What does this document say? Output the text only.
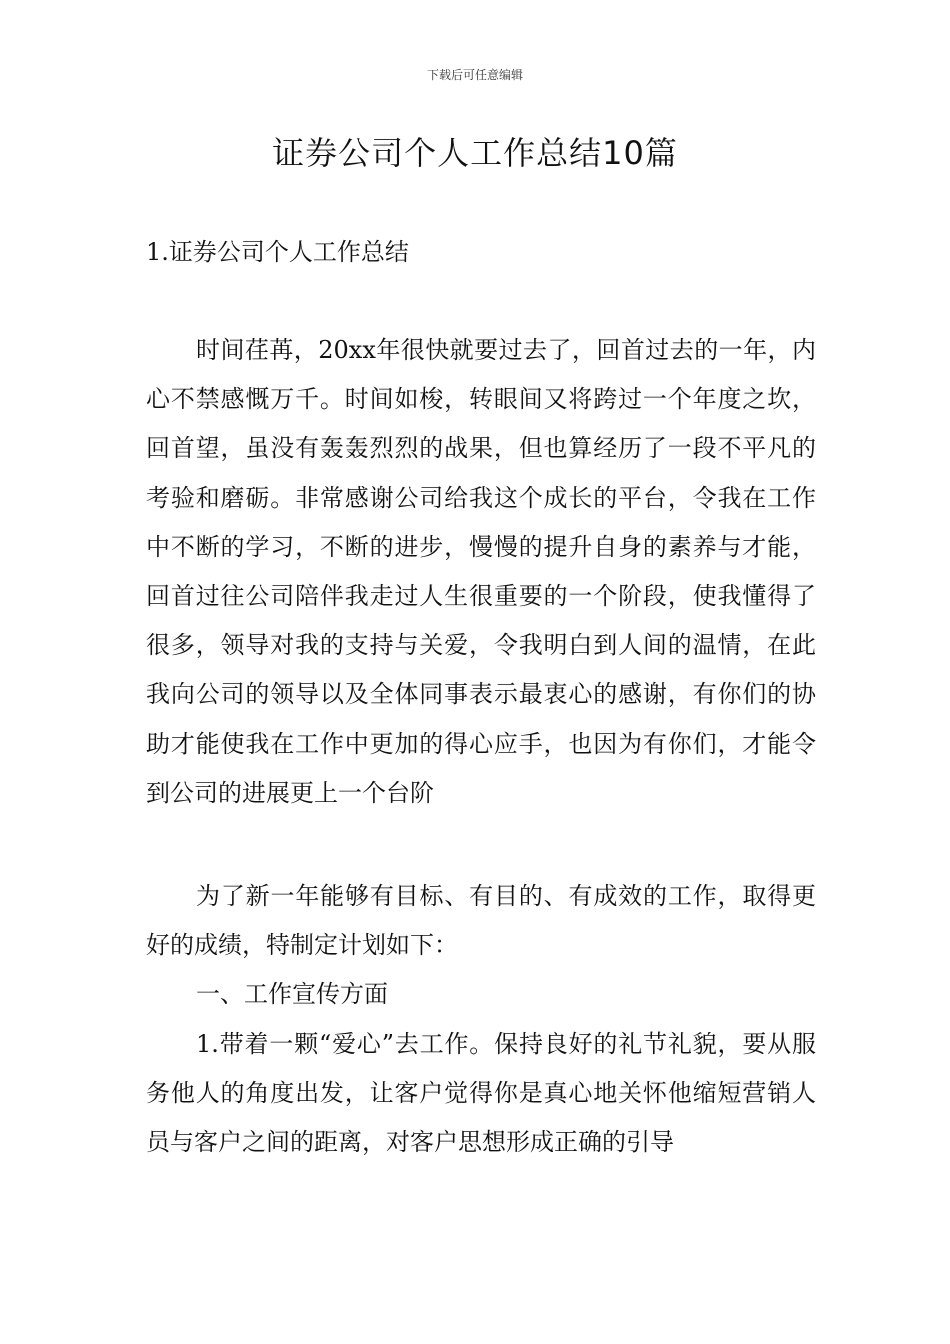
下载后可任意编辑
证券公司个人工作总结10篇
1.证券公司个人工作总结

时间荏苒，20xx年很快就要过去了，回首过去的一年，内心不禁感慨万千。时间如梭，转眼间又将跨过一个年度之坎，回首望，虽没有轰轰烈烈的战果，但也算经历了一段不平凡的考验和磨砺。非常感谢公司给我这个成长的平台，令我在工作中不断的学习，不断的进步，慢慢的提升自身的素养与才能，回首过往公司陪伴我走过人生很重要的一个阶段，使我懂得了很多，领导对我的支持与关爱，令我明白到人间的温情，在此我向公司的领导以及全体同事表示最衷心的感谢，有你们的协助才能使我在工作中更加的得心应手，也因为有你们，才能令到公司的进展更上一个台阶

为了新一年能够有目标、有目的、有成效的工作，取得更好的成绩，特制定计划如下：

一、工作宣传方面

1.带着一颗“爱心”去工作。保持良好的礼节礼貌，要从服务他人的角度出发，让客户觉得你是真心地关怀他缩短营销人员与客户之间的距离，对客户思想形成正确的引导
